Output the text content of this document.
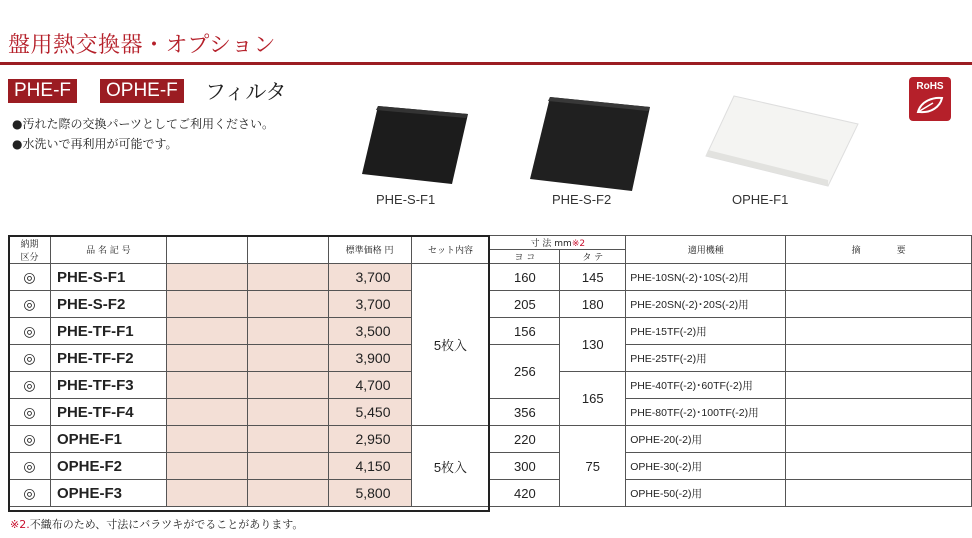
盤用熱交換器・オプション
PHE-F	OPHE-F フィルタ	RoHS
●汚れた際の交換パーツとしてご利用ください。
●水洗いで再利用が可能です。
PHE-S-F1	PHE-S-F2	OPHE-F1
納期
区分	品 名 記 号			標準価格 円	セット内容	寸 法 mm※2		適用機種	摘　　　　要
						ヨ コ	タ テ		
◎	PHE-S-F1			3,700	5枚入	160	145	PHE-10SN(-2)･10S(-2)用	
◎	PHE-S-F2			3,700		205	180	PHE-20SN(-2)･20S(-2)用	
◎	PHE-TF-F1			3,500		156	130	PHE-15TF(-2)用	
◎	PHE-TF-F2			3,900		256		PHE-25TF(-2)用	
◎	PHE-TF-F3			4,700			165	PHE-40TF(-2)･60TF(-2)用	
◎	PHE-TF-F4			5,450		356		PHE-80TF(-2)･100TF(-2)用	
◎	OPHE-F1			2,950	5枚入	220	75	OPHE-20(-2)用	
◎	OPHE-F2			4,150		300		OPHE-30(-2)用	
◎	OPHE-F3			5,800		420		OPHE-50(-2)用	
※2.不織布のため、寸法にバラツキがでることがあります。
